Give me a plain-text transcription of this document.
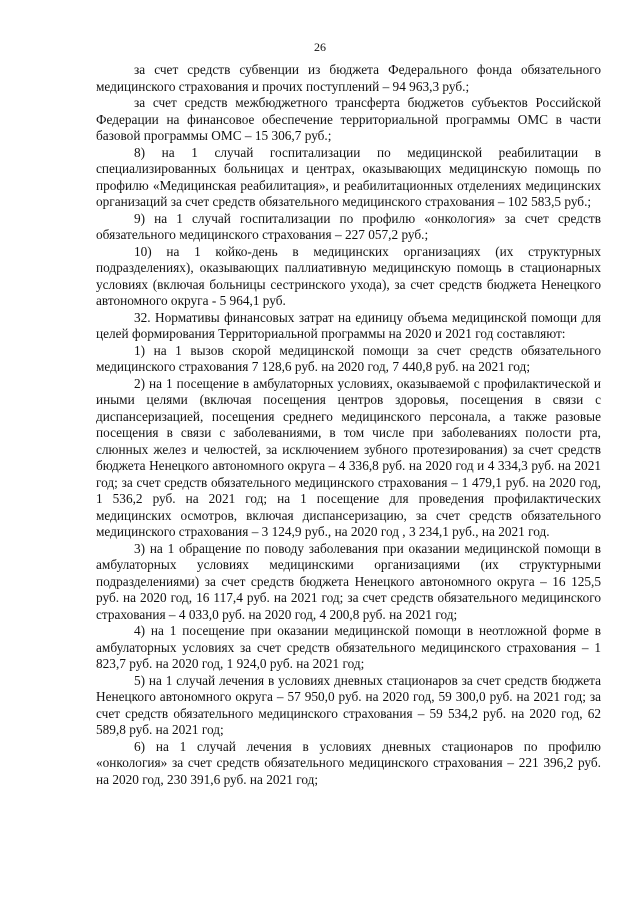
26

за счет средств субвенции из бюджета Федерального фонда обязательного медицинского страхования и прочих поступлений – 94 963,3 руб.;

за счет средств межбюджетного трансферта бюджетов субъектов Российской Федерации на финансовое обеспечение территориальной программы ОМС в части базовой программы ОМС – 15 306,7 руб.;

8) на 1 случай госпитализации по медицинской реабилитации в специализированных больницах и центрах, оказывающих медицинскую помощь по профилю «Медицинская реабилитация», и реабилитационных отделениях медицинских организаций за счет средств обязательного медицинского страхования – 102 583,5 руб.;

9) на 1 случай госпитализации по профилю «онкология» за счет средств обязательного медицинского страхования – 227 057,2 руб.;

10) на 1 койко-день в медицинских организациях (их структурных подразделениях), оказывающих паллиативную медицинскую помощь в стационарных условиях (включая больницы сестринского ухода), за счет средств бюджета Ненецкого автономного округа - 5 964,1 руб.

32. Нормативы финансовых затрат на единицу объема медицинской помощи для целей формирования Территориальной программы на 2020 и 2021 год составляют:

1) на 1 вызов скорой медицинской помощи за счет средств обязательного медицинского страхования 7 128,6 руб. на 2020 год, 7 440,8 руб. на 2021 год;

2) на 1 посещение в амбулаторных условиях, оказываемой с профилактической и иными целями (включая посещения центров здоровья, посещения в связи с диспансеризацией, посещения среднего медицинского персонала, а также разовые посещения в связи с заболеваниями, в том числе при заболеваниях полости рта, слюнных желез и челюстей, за исключением зубного протезирования) за счет средств бюджета Ненецкого автономного округа – 4 336,8 руб. на 2020 год и 4 334,3 руб. на 2021 год; за счет средств обязательного медицинского страхования – 1 479,1 руб. на 2020 год, 1 536,2 руб. на 2021 год; на 1 посещение для проведения профилактических медицинских осмотров, включая диспансеризацию, за счет средств обязательного медицинского страхования – 3 124,9 руб., на 2020 год , 3 234,1 руб., на 2021 год.

3) на 1 обращение по поводу заболевания при оказании медицинской помощи в амбулаторных условиях медицинскими организациями (их структурными подразделениями) за счет средств бюджета Ненецкого автономного округа – 16 125,5 руб. на 2020 год, 16 117,4 руб. на 2021 год; за счет средств обязательного медицинского страхования – 4 033,0 руб. на 2020 год, 4 200,8 руб. на 2021 год;

4) на 1 посещение при оказании медицинской помощи в неотложной форме в амбулаторных условиях за счет средств обязательного медицинского страхования – 1 823,7 руб. на 2020 год, 1 924,0 руб. на 2021 год;

5) на 1 случай лечения в условиях дневных стационаров за счет средств бюджета Ненецкого автономного округа – 57 950,0 руб. на 2020 год, 59 300,0 руб. на 2021 год; за счет средств обязательного медицинского страхования – 59 534,2 руб. на 2020 год, 62 589,8 руб. на 2021 год;

6) на 1 случай лечения в условиях дневных стационаров по профилю «онкология» за счет средств обязательного медицинского страхования – 221 396,2 руб. на 2020 год, 230 391,6 руб. на 2021 год;
